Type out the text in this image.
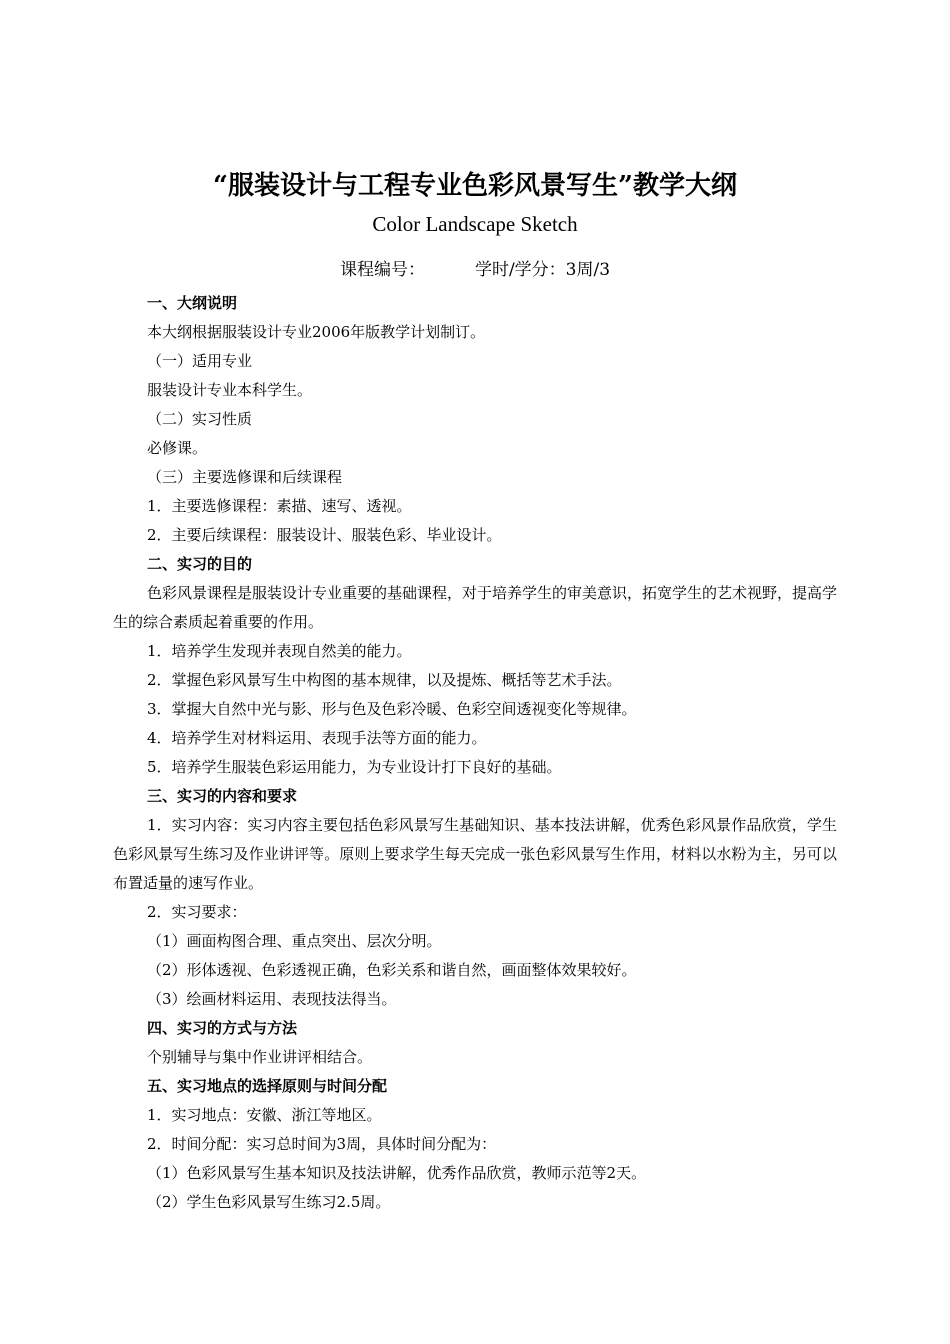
“服装设计与工程专业色彩风景写生”教学大纲
Color Landscape Sketch
课程编号：	学时/学分：3周/3

一、大纲说明

本大纲根据服装设计专业2006年版教学计划制订。

（一）适用专业

服装设计专业本科学生。

（二）实习性质

必修课。

（三）主要选修课和后续课程

1．主要选修课程：素描、速写、透视。

2．主要后续课程：服装设计、服装色彩、毕业设计。

二、实习的目的

色彩风景课程是服装设计专业重要的基础课程，对于培养学生的审美意识，拓宽学生的艺术视野，提高学生的综合素质起着重要的作用。

1．培养学生发现并表现自然美的能力。

2．掌握色彩风景写生中构图的基本规律，以及提炼、概括等艺术手法。

3．掌握大自然中光与影、形与色及色彩冷暖、色彩空间透视变化等规律。

4．培养学生对材料运用、表现手法等方面的能力。

5．培养学生服装色彩运用能力，为专业设计打下良好的基础。

三、实习的内容和要求

1．实习内容：实习内容主要包括色彩风景写生基础知识、基本技法讲解，优秀色彩风景作品欣赏，学生色彩风景写生练习及作业讲评等。原则上要求学生每天完成一张色彩风景写生作用，材料以水粉为主，另可以布置适量的速写作业。

2．实习要求：

（1）画面构图合理、重点突出、层次分明。

（2）形体透视、色彩透视正确，色彩关系和谐自然，画面整体效果较好。

（3）绘画材料运用、表现技法得当。

四、实习的方式与方法

个别辅导与集中作业讲评相结合。

五、实习地点的选择原则与时间分配

1．实习地点：安徽、浙江等地区。

2．时间分配：实习总时间为3周，具体时间分配为：

（1）色彩风景写生基本知识及技法讲解，优秀作品欣赏，教师示范等2天。

（2）学生色彩风景写生练习2.5周。
